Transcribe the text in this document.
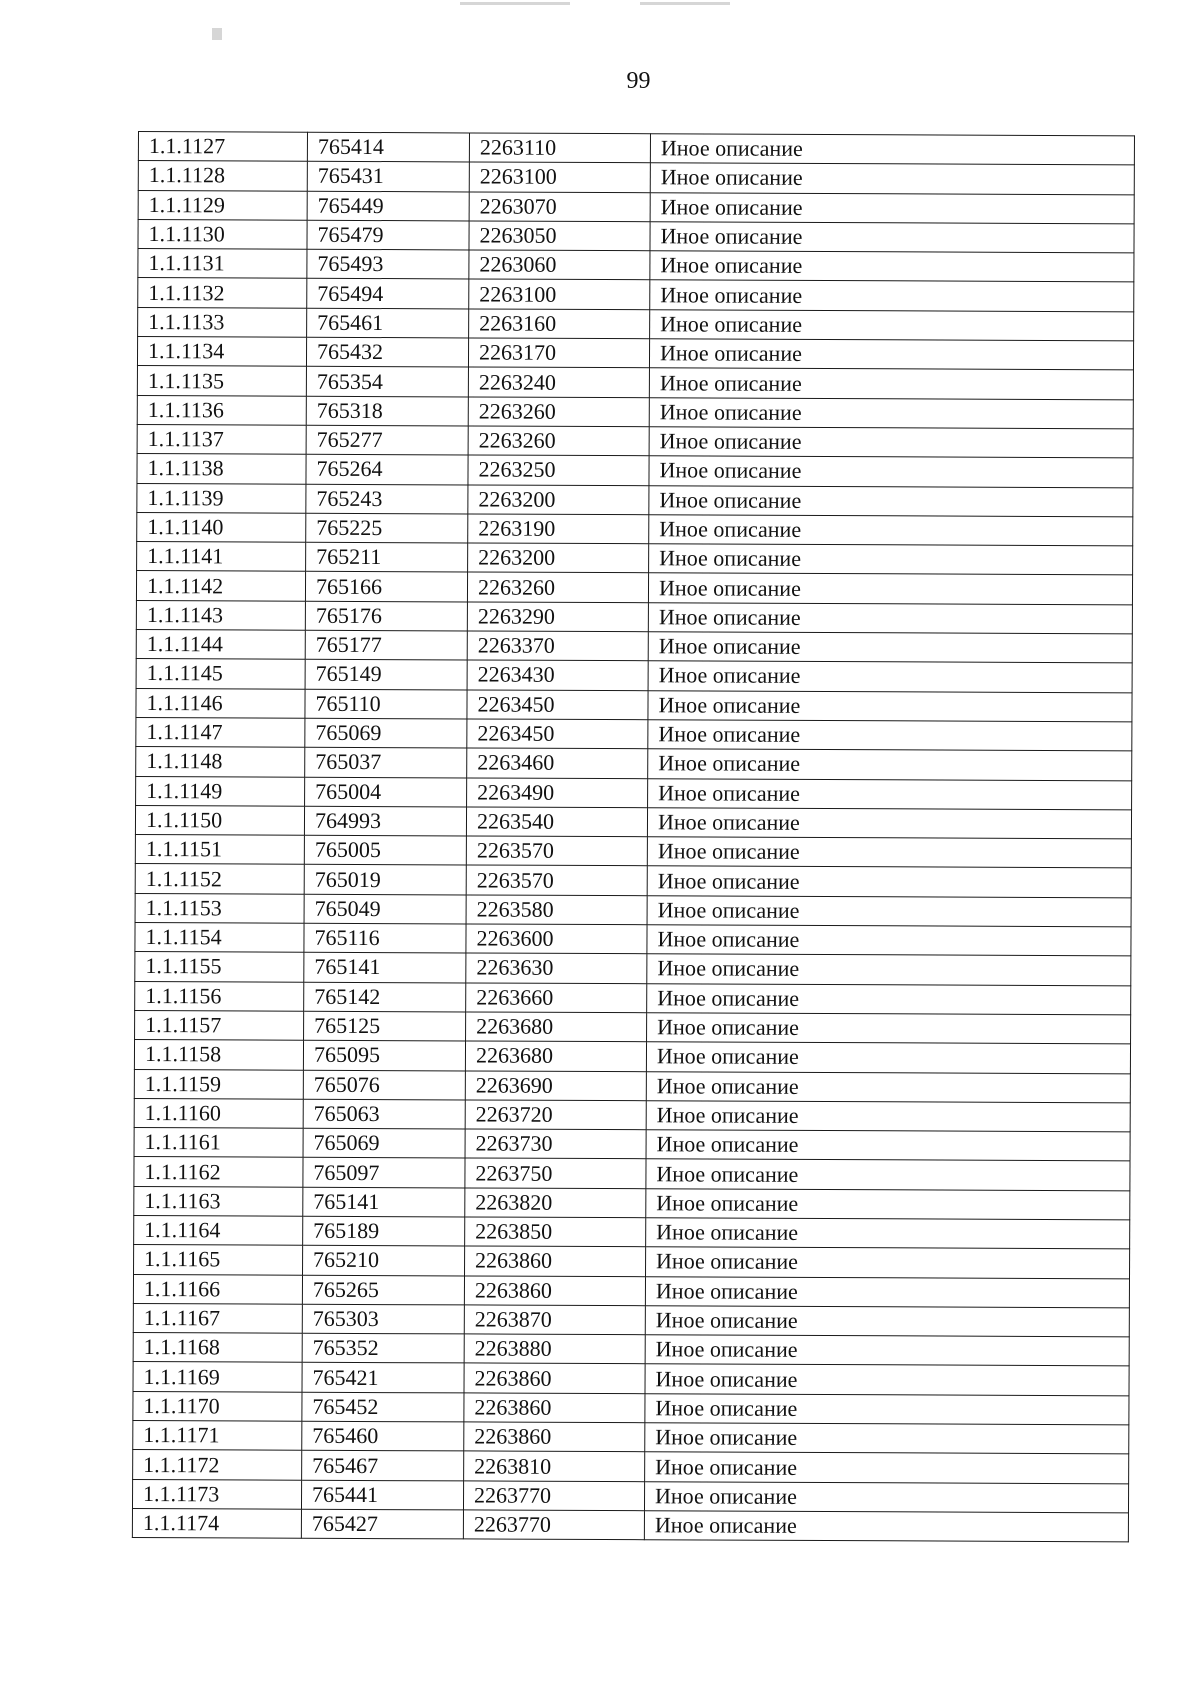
99
1.1.1127	765414	2263110	Иное описание
1.1.1128	765431	2263100	Иное описание
1.1.1129	765449	2263070	Иное описание
1.1.1130	765479	2263050	Иное описание
1.1.1131	765493	2263060	Иное описание
1.1.1132	765494	2263100	Иное описание
1.1.1133	765461	2263160	Иное описание
1.1.1134	765432	2263170	Иное описание
1.1.1135	765354	2263240	Иное описание
1.1.1136	765318	2263260	Иное описание
1.1.1137	765277	2263260	Иное описание
1.1.1138	765264	2263250	Иное описание
1.1.1139	765243	2263200	Иное описание
1.1.1140	765225	2263190	Иное описание
1.1.1141	765211	2263200	Иное описание
1.1.1142	765166	2263260	Иное описание
1.1.1143	765176	2263290	Иное описание
1.1.1144	765177	2263370	Иное описание
1.1.1145	765149	2263430	Иное описание
1.1.1146	765110	2263450	Иное описание
1.1.1147	765069	2263450	Иное описание
1.1.1148	765037	2263460	Иное описание
1.1.1149	765004	2263490	Иное описание
1.1.1150	764993	2263540	Иное описание
1.1.1151	765005	2263570	Иное описание
1.1.1152	765019	2263570	Иное описание
1.1.1153	765049	2263580	Иное описание
1.1.1154	765116	2263600	Иное описание
1.1.1155	765141	2263630	Иное описание
1.1.1156	765142	2263660	Иное описание
1.1.1157	765125	2263680	Иное описание
1.1.1158	765095	2263680	Иное описание
1.1.1159	765076	2263690	Иное описание
1.1.1160	765063	2263720	Иное описание
1.1.1161	765069	2263730	Иное описание
1.1.1162	765097	2263750	Иное описание
1.1.1163	765141	2263820	Иное описание
1.1.1164	765189	2263850	Иное описание
1.1.1165	765210	2263860	Иное описание
1.1.1166	765265	2263860	Иное описание
1.1.1167	765303	2263870	Иное описание
1.1.1168	765352	2263880	Иное описание
1.1.1169	765421	2263860	Иное описание
1.1.1170	765452	2263860	Иное описание
1.1.1171	765460	2263860	Иное описание
1.1.1172	765467	2263810	Иное описание
1.1.1173	765441	2263770	Иное описание
1.1.1174	765427	2263770	Иное описание
